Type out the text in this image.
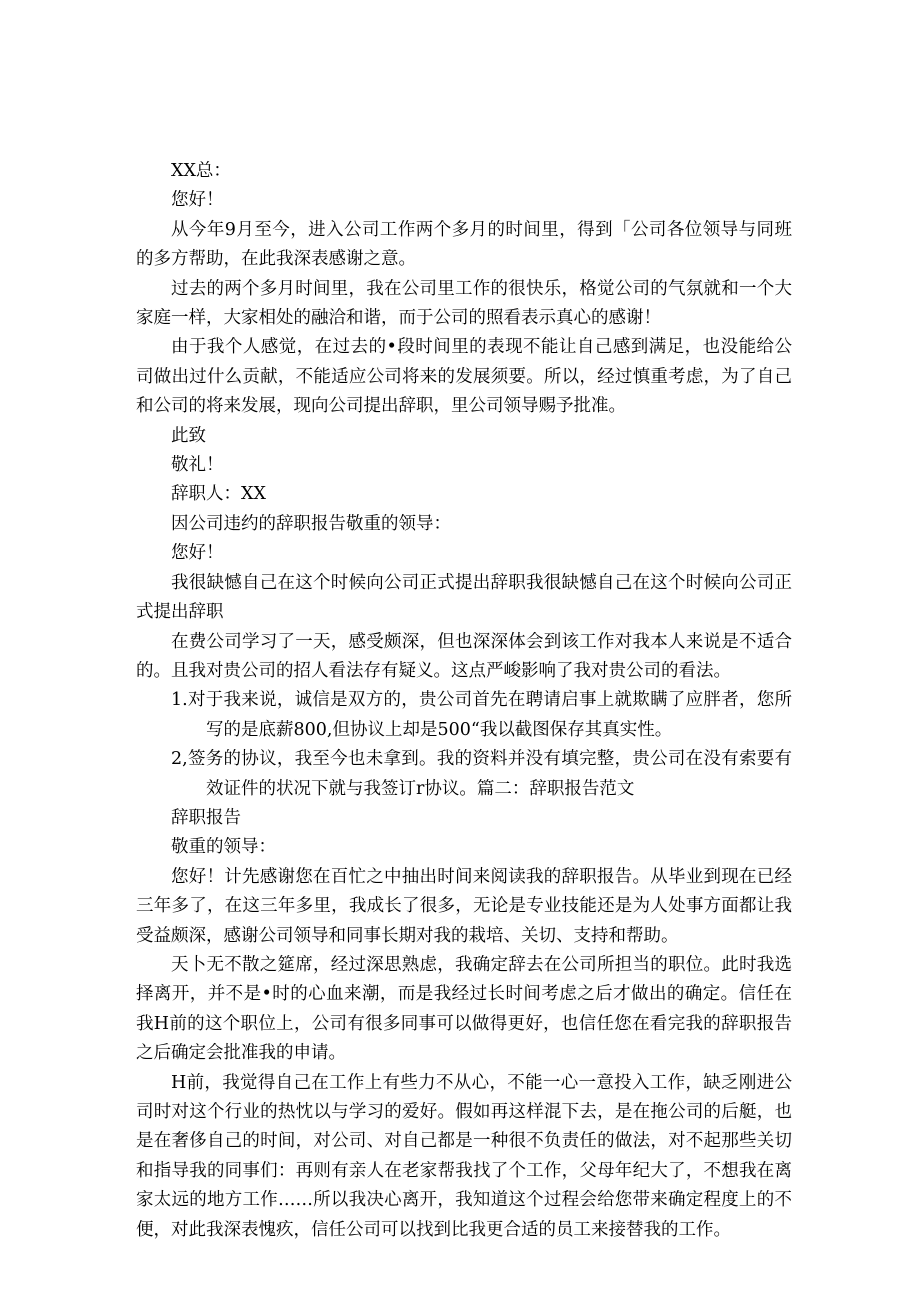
XX总：

您好！

从今年9月至今，进入公司工作两个多月的时间里，得到「公司各位领导与同班的多方帮助，在此我深表感谢之意。

过去的两个多月时间里，我在公司里工作的很快乐，格觉公司的气氛就和一个大家庭一样，大家相处的融洽和谐，而于公司的照看表示真心的感谢！

由于我个人感觉，在过去的•段时间里的表现不能让自己感到满足，也没能给公司做出过什么贡献，不能适应公司将来的发展须要。所以，经过慎重考虑，为了自己和公司的将来发展，现向公司提出辞职，里公司领导赐予批准。

此致

敬礼！

辞职人：XX

因公司违约的辞职报告敬重的领导：

您好！

我很缺憾自己在这个时候向公司正式提出辞职我很缺憾自己在这个时候向公司正式提出辞职

在费公司学习了一天，感受颇深，但也深深体会到该工作对我本人来说是不适合的。且我对贵公司的招人看法存有疑义。这点严峻影响了我对贵公司的看法。

1.对于我来说，诚信是双方的，贵公司首先在聘请启事上就欺瞒了应胖者，您所写的是底薪800,但协议上却是500“我以截图保存其真实性。

2,签务的协议，我至今也未拿到。我的资料并没有填完整，贵公司在没有索要有效证件的状况下就与我签订r协议。篇二：辞职报告范文

辞职报告

敬重的领导：

您好！计先感谢您在百忙之中抽出时间来阅读我的辞职报告。从毕业到现在已经三年多了，在这三年多里，我成长了很多，无论是专业技能还是为人处事方面都让我受益颇深，感谢公司领导和同事长期对我的栽培、关切、支持和帮助。

天卜无不散之筵席，经过深思熟虑，我确定辞去在公司所担当的职位。此时我选择离开，并不是•时的心血来潮，而是我经过长时间考虑之后才做出的确定。信任在我H前的这个职位上，公司有很多同事可以做得更好，也信任您在看完我的辞职报告之后确定会批准我的申请。

H前，我觉得自己在工作上有些力不从心，不能一心一意投入工作，缺乏刚进公司时对这个行业的热忱以与学习的爱好。假如再这样混下去，是在拖公司的后艇，也是在奢侈自己的时间，对公司、对自己都是一种很不负责任的做法，对不起那些关切和指导我的同事们：再则有亲人在老家帮我找了个工作，父母年纪大了，不想我在离家太远的地方工作……所以我决心离开，我知道这个过程会给您带来确定程度上的不便，对此我深表愧疚，信任公司可以找到比我更合适的员工来接替我的工作。
